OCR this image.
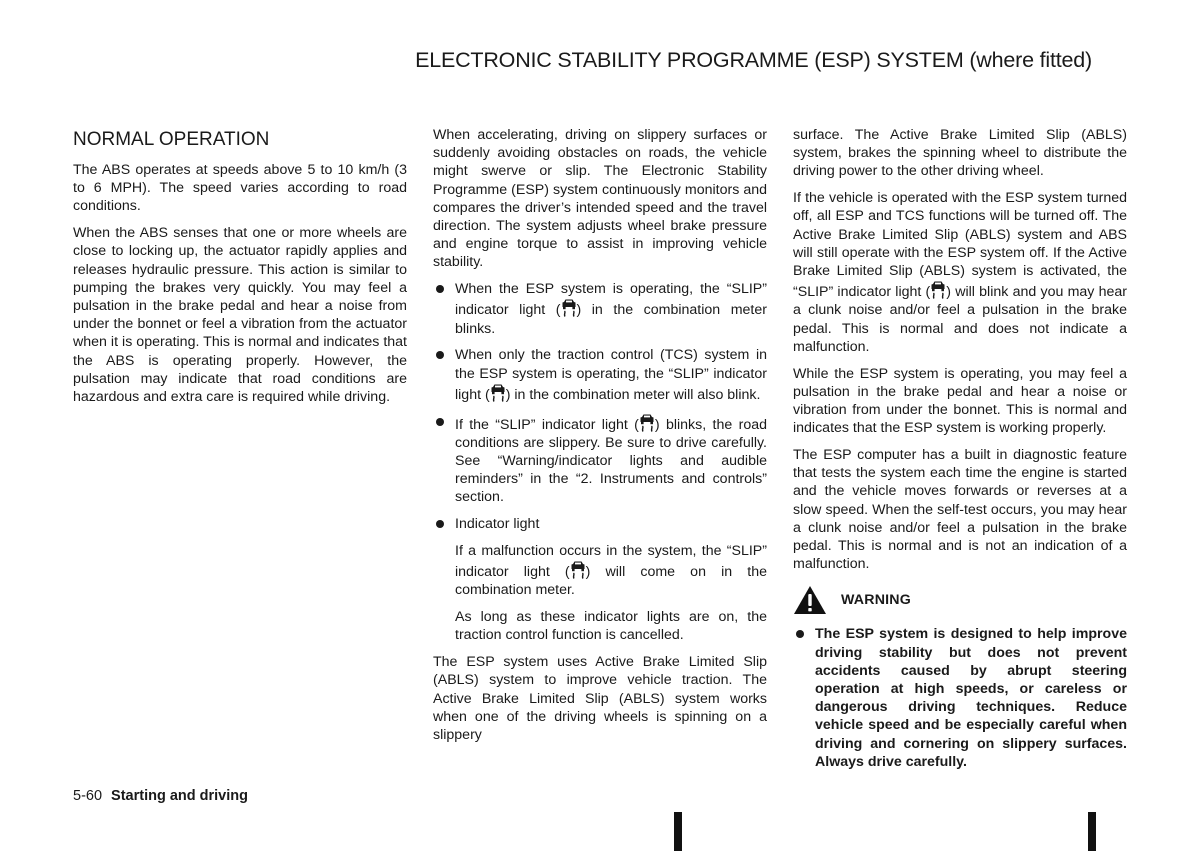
ELECTRONIC STABILITY PROGRAMME (ESP) SYSTEM (where fitted)
NORMAL OPERATION

The ABS operates at speeds above 5 to 10 km/h (3 to 6 MPH). The speed varies according to road conditions.

When the ABS senses that one or more wheels are close to locking up, the actuator rapidly applies and releases hydraulic pressure. This action is similar to pumping the brakes very quickly. You may feel a pulsation in the brake pedal and hear a noise from under the bonnet or feel a vibration from the actuator when it is operating. This is normal and indicates that the ABS is operating properly. However, the pulsation may indicate that road conditions are hazardous and extra care is required while driving.

When accelerating, driving on slippery surfaces or suddenly avoiding obstacles on roads, the vehicle might swerve or slip. The Electronic Stability Programme (ESP) system continuously monitors and compares the driver’s intended speed and the travel direction. The system adjusts wheel brake pressure and engine torque to assist in improving vehicle stability.

When the ESP system is operating, the “SLIP” indicator light ( ) in the combination meter blinks.
When only the traction control (TCS) system in the ESP system is operating, the “SLIP” indicator light ( ) in the combination meter will also blink.
If the “SLIP” indicator light ( ) blinks, the road conditions are slippery. Be sure to drive carefully. See “Warning/indicator lights and audible reminders” in the “2. Instruments and controls” section.
Indicator light
If a malfunction occurs in the system, the “SLIP” indicator light ( ) will come on in the combination meter.
As long as these indicator lights are on, the traction control function is cancelled.

The ESP system uses Active Brake Limited Slip (ABLS) system to improve vehicle traction. The Active Brake Limited Slip (ABLS) system works when one of the driving wheels is spinning on a slippery

surface. The Active Brake Limited Slip (ABLS) system, brakes the spinning wheel to distribute the driving power to the other driving wheel.

If the vehicle is operated with the ESP system turned off, all ESP and TCS functions will be turned off. The Active Brake Limited Slip (ABLS) system and ABS will still operate with the ESP system off. If the Active Brake Limited Slip (ABLS) system is activated, the “SLIP” indicator light ( ) will blink and you may hear a clunk noise and/or feel a pulsation in the brake pedal. This is normal and does not indicate a malfunction.

While the ESP system is operating, you may feel a pulsation in the brake pedal and hear a noise or vibration from under the bonnet. This is normal and indicates that the ESP system is working properly.

The ESP computer has a built in diagnostic feature that tests the system each time the engine is started and the vehicle moves forwards or reverses at a slow speed. When the self-test occurs, you may hear a clunk noise and/or feel a pulsation in the brake pedal. This is normal and is not an indication of a malfunction.

WARNING
The ESP system is designed to help improve driving stability but does not prevent accidents caused by abrupt steering operation at high speeds, or careless or dangerous driving techniques. Reduce vehicle speed and be especially careful when driving and cornering on slippery surfaces. Always drive carefully.
5-60 Starting and driving
